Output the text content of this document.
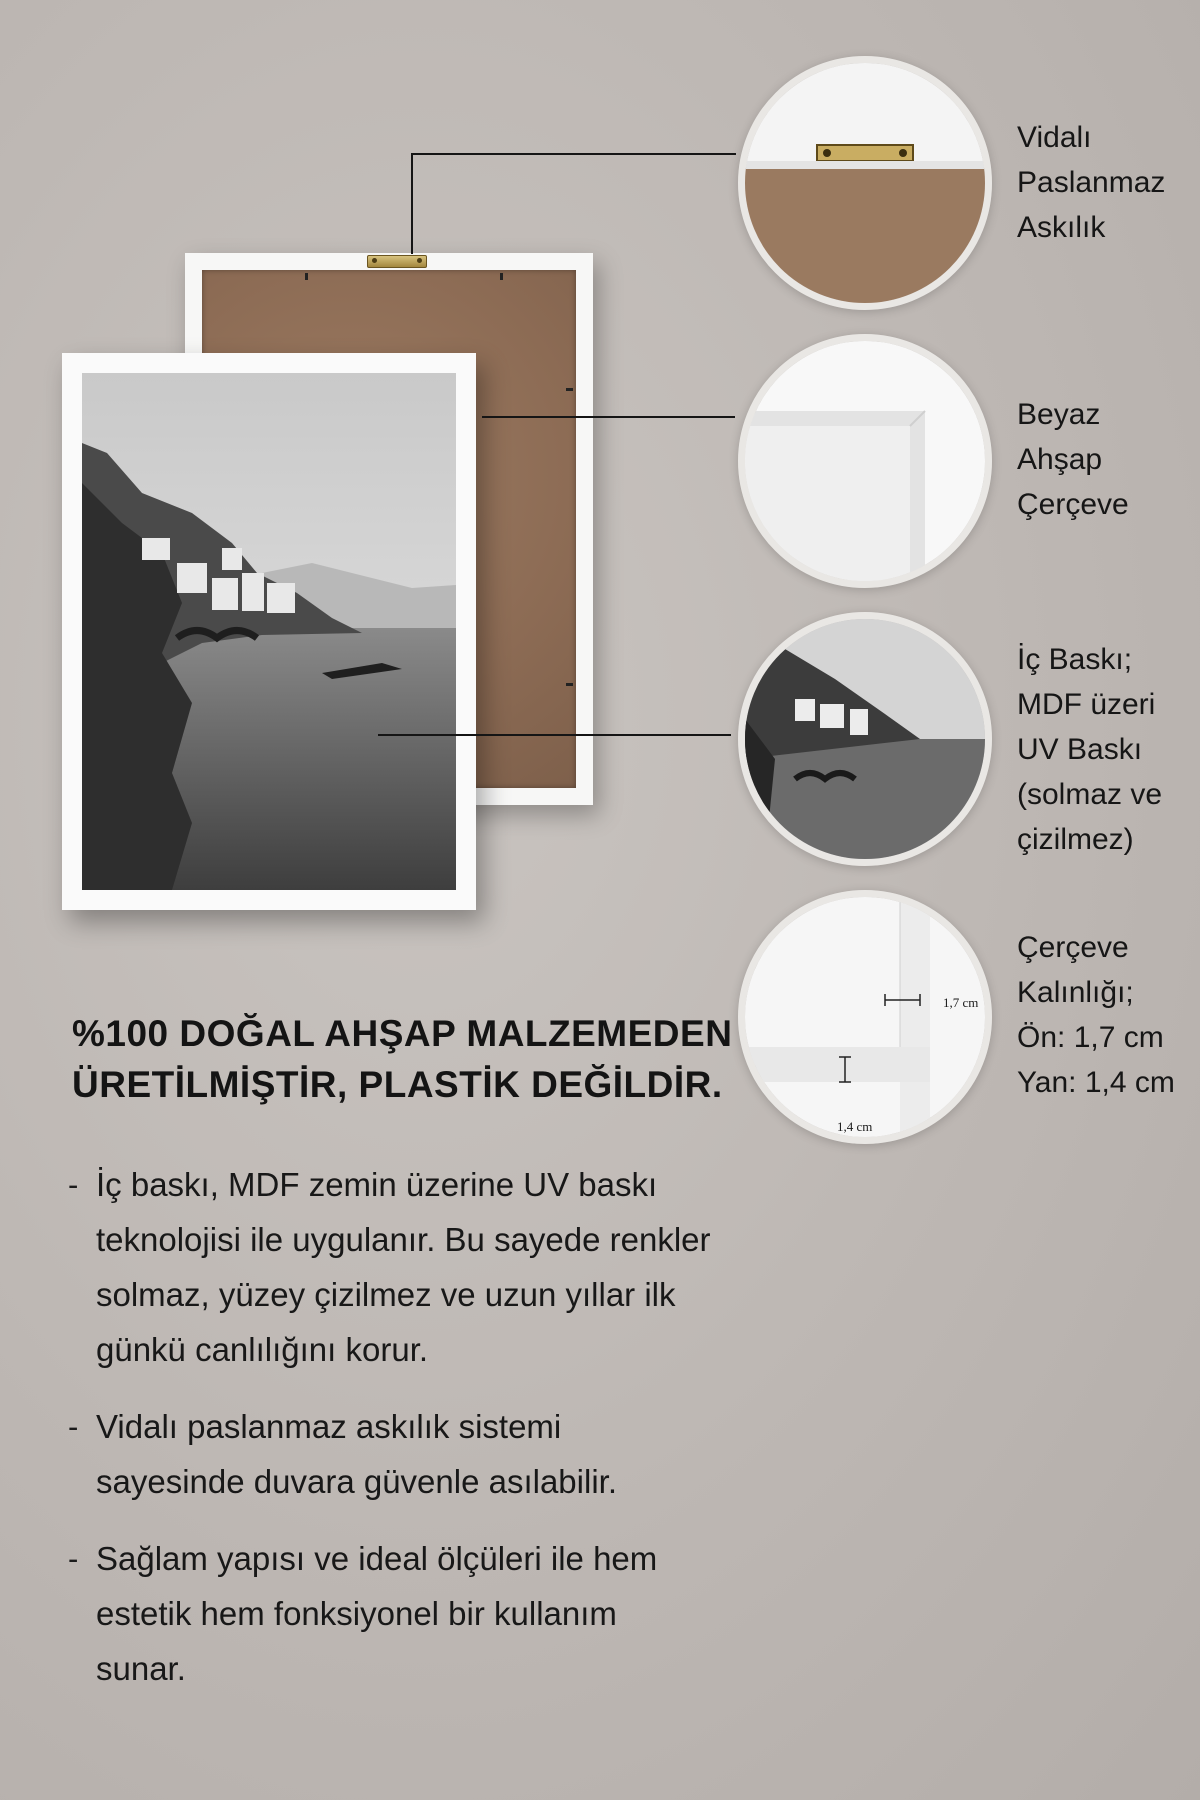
1,7 cm
1,4 cm
Vidalı
Paslanmaz
Askılık
Beyaz
Ahşap
Çerçeve
İç Baskı;
MDF üzeri
UV Baskı
(solmaz ve
çizilmez)
Çerçeve
Kalınlığı;
Ön: 1,7 cm
Yan: 1,4 cm
%100 DOĞAL AHŞAP MALZEMEDEN
ÜRETİLMİŞTİR, PLASTİK DEĞİLDİR.
- İç baskı, MDF zemin üzerine UV baskı
teknolojisi ile uygulanır. Bu sayede renkler
solmaz, yüzey çizilmez ve uzun yıllar ilk
günkü canlılığını korur.
- Vidalı paslanmaz askılık sistemi
sayesinde duvara güvenle asılabilir.
- Sağlam yapısı ve ideal ölçüleri ile hem
estetik hem fonksiyonel bir kullanım
sunar.
